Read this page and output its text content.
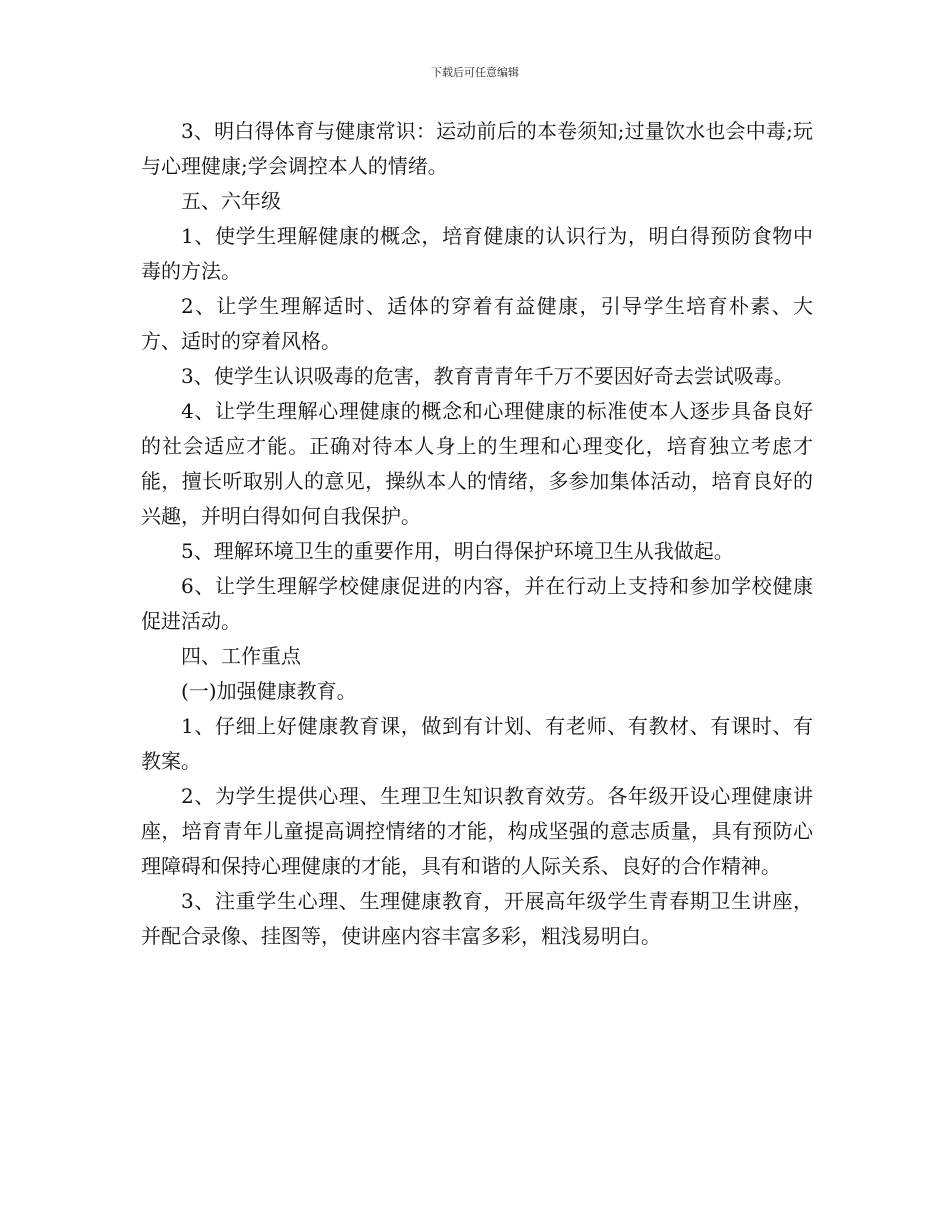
下载后可任意编辑

3、明白得体育与健康常识：运动前后的本卷须知;过量饮水也会中毒;玩与心理健康;学会调控本人的情绪。

五、六年级

1、使学生理解健康的概念，培育健康的认识行为，明白得预防食物中毒的方法。

2、让学生理解适时、适体的穿着有益健康，引导学生培育朴素、大方、适时的穿着风格。

3、使学生认识吸毒的危害，教育青青年千万不要因好奇去尝试吸毒。

4、让学生理解心理健康的概念和心理健康的标准使本人逐步具备良好的社会适应才能。正确对待本人身上的生理和心理变化，培育独立考虑才能，擅长听取别人的意见，操纵本人的情绪，多参加集体活动，培育良好的兴趣，并明白得如何自我保护。

5、理解环境卫生的重要作用，明白得保护环境卫生从我做起。

6、让学生理解学校健康促进的内容，并在行动上支持和参加学校健康促进活动。

四、工作重点

(一)加强健康教育。

1、仔细上好健康教育课，做到有计划、有老师、有教材、有课时、有教案。

2、为学生提供心理、生理卫生知识教育效劳。各年级开设心理健康讲座，培育青年儿童提高调控情绪的才能，构成坚强的意志质量，具有预防心理障碍和保持心理健康的才能，具有和谐的人际关系、良好的合作精神。

3、注重学生心理、生理健康教育，开展高年级学生青春期卫生讲座，并配合录像、挂图等，使讲座内容丰富多彩，粗浅易明白。
